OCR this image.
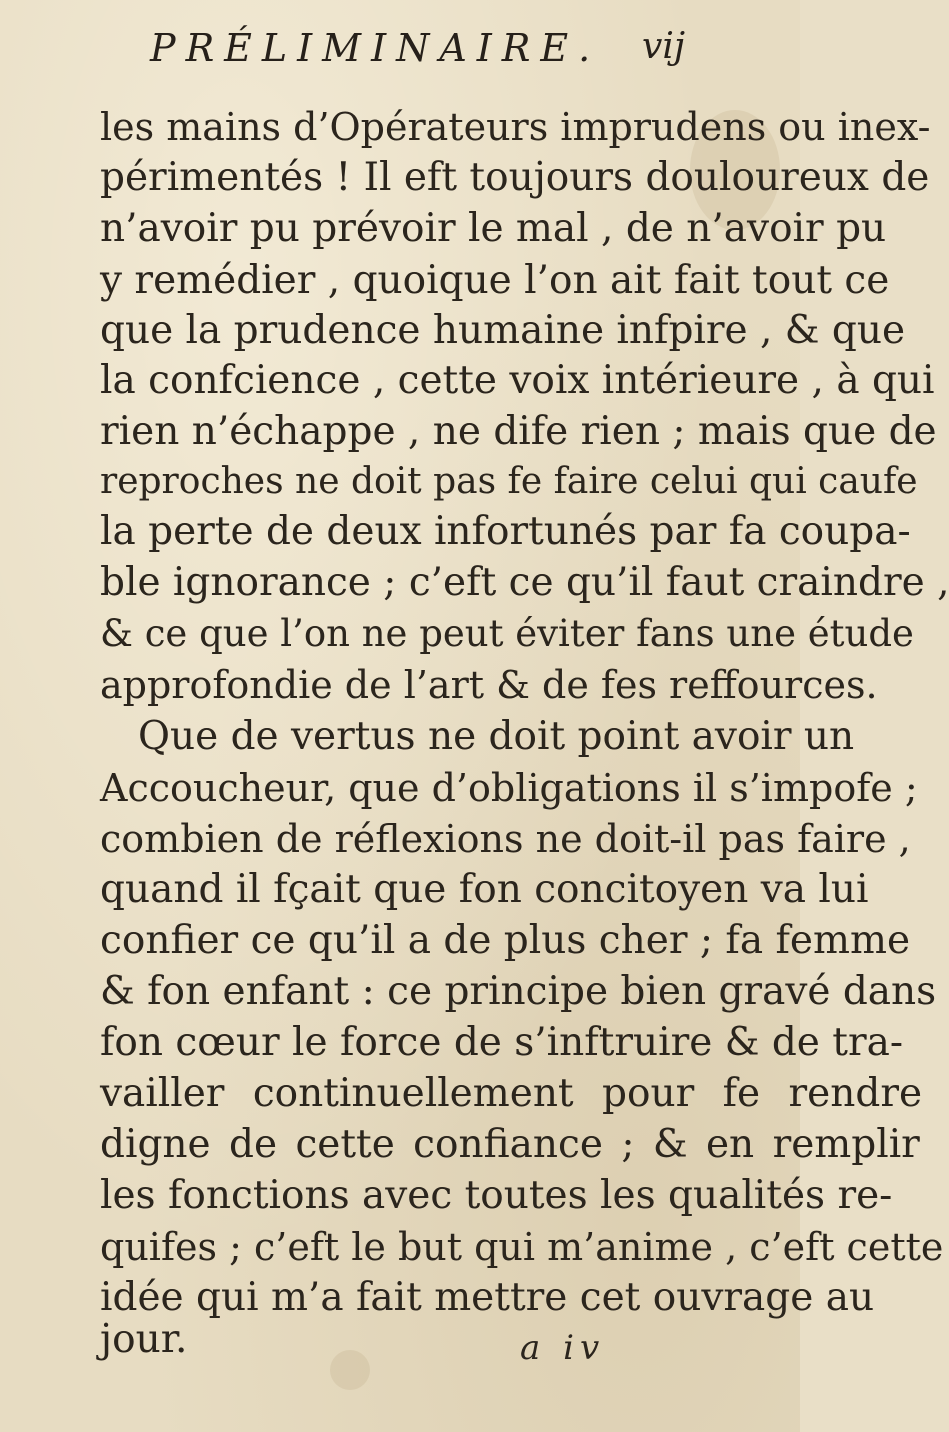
PRÉLIMINAIRE. vij
les mains d’Opérateurs imprudens ou inex-
périmentés ! Il eft toujours douloureux de
n’avoir pu prévoir le mal , de n’avoir pu
y remédier , quoique l’on ait fait tout ce
que la prudence humaine infpire , & que
la confcience , cette voix intérieure , à qui
rien n’échappe , ne dife rien ; mais que de
reproches ne doit pas fe faire celui qui caufe
la perte de deux infortunés par fa coupa-
ble ignorance ; c’eft ce qu’il faut craindre ,
& ce que l’on ne peut éviter fans une étude
approfondie de l’art & de fes reffources.
Que de vertus ne doit point avoir un
Accoucheur, que d’obligations il s’impofe ;
combien de réflexions ne doit-il pas faire ,
quand il fçait que fon concitoyen va lui
confier ce qu’il a de plus cher ; fa femme
& fon enfant : ce principe bien gravé dans
fon cœur le force de s’inftruire & de tra-
vailler continuellement pour fe rendre
digne de cette confiance ; & en remplir
les fonctions avec toutes les qualités re-
quifes ; c’eft le but qui m’anime , c’eft cette
idée qui m’a fait mettre cet ouvrage au
jour.	a iv
